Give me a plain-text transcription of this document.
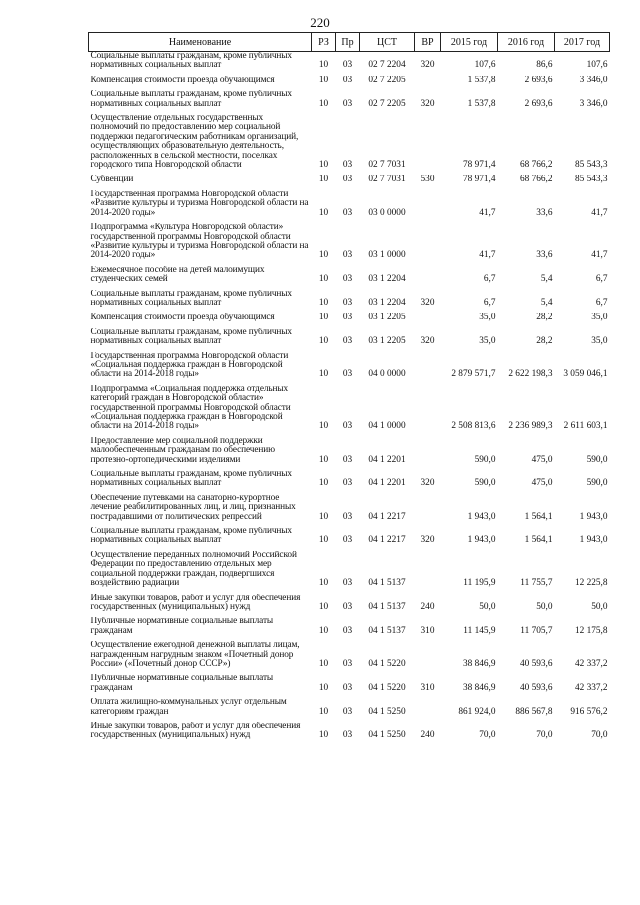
220
Наименование	РЗ	Пр	ЦСТ	ВР	2015 год	2016 год	2017 год
Социальные выплаты гражданам, кроме публичных нормативных социальных выплат	10	03	02 7 2204	320	107,6	86,6	107,6

Компенсация стоимости проезда обучающимся	10	03	02 7 2205		1 537,8	2 693,6	3 346,0

Социальные выплаты гражданам, кроме публичных нормативных социальных выплат	10	03	02 7 2205	320	1 537,8	2 693,6	3 346,0

Осуществление отдельных государственных полномочий по предоставлению мер социальной поддержки педагогическим работникам организаций, осуществляющих образовательную деятельность, расположенных в сельской местности, поселках городского типа Новгородской области	10	03	02 7 7031		78 971,4	68 766,2	85 543,3

Субвенции	10	03	02 7 7031	530	78 971,4	68 766,2	85 543,3

Государственная программа Новгородской области «Развитие культуры и туризма Новгородской области на 2014-2020 годы»	10	03	03 0 0000		41,7	33,6	41,7

Подпрограмма «Культура Новгородской области» государственной программы Новгородской области «Развитие культуры и туризма Новгородской области на 2014-2020 годы»	10	03	03 1 0000		41,7	33,6	41,7

Ежемесячное пособие на детей малоимущих студенческих семей	10	03	03 1 2204		6,7	5,4	6,7

Социальные выплаты гражданам, кроме публичных нормативных социальных выплат	10	03	03 1 2204	320	6,7	5,4	6,7

Компенсация стоимости проезда обучающимся	10	03	03 1 2205		35,0	28,2	35,0

Социальные выплаты гражданам, кроме публичных нормативных социальных выплат	10	03	03 1 2205	320	35,0	28,2	35,0

Государственная программа Новгородской области «Социальная поддержка граждан в Новгородской области на 2014-2018 годы»	10	03	04 0 0000		2 879 571,7	2 622 198,3	3 059 046,1

Подпрограмма «Социальная поддержка отдельных категорий граждан в Новгородской области» государственной программы Новгородской области «Социальная поддержка граждан в Новгородской области на 2014-2018 годы»	10	03	04 1 0000		2 508 813,6	2 236 989,3	2 611 603,1

Предоставление мер социальной поддержки малообеспеченным гражданам по обеспечению протезно-ортопедическими изделиями	10	03	04 1 2201		590,0	475,0	590,0

Социальные выплаты гражданам, кроме публичных нормативных социальных выплат	10	03	04 1 2201	320	590,0	475,0	590,0

Обеспечение путевками на санаторно-курортное лечение реабилитированных лиц, и лиц, признанных пострадавшими от политических репрессий	10	03	04 1 2217		1 943,0	1 564,1	1 943,0

Социальные выплаты гражданам, кроме публичных нормативных социальных выплат	10	03	04 1 2217	320	1 943,0	1 564,1	1 943,0

Осуществление переданных полномочий Российской Федерации по предоставлению отдельных мер социальной поддержки граждан, подвергшихся воздействию радиации	10	03	04 1 5137		11 195,9	11 755,7	12 225,8

Иные закупки товаров, работ и услуг для обеспечения государственных (муниципальных) нужд	10	03	04 1 5137	240	50,0	50,0	50,0

Публичные нормативные социальные выплаты гражданам	10	03	04 1 5137	310	11 145,9	11 705,7	12 175,8

Осуществление ежегодной денежной выплаты лицам, награжденным нагрудным знаком «Почетный донор России» («Почетный донор СССР»)	10	03	04 1 5220		38 846,9	40 593,6	42 337,2

Публичные нормативные социальные выплаты гражданам	10	03	04 1 5220	310	38 846,9	40 593,6	42 337,2

Оплата жилищно-коммунальных услуг отдельным категориям граждан	10	03	04 1 5250		861 924,0	886 567,8	916 576,2

Иные закупки товаров, работ и услуг для обеспечения государственных (муниципальных) нужд	10	03	04 1 5250	240	70,0	70,0	70,0
